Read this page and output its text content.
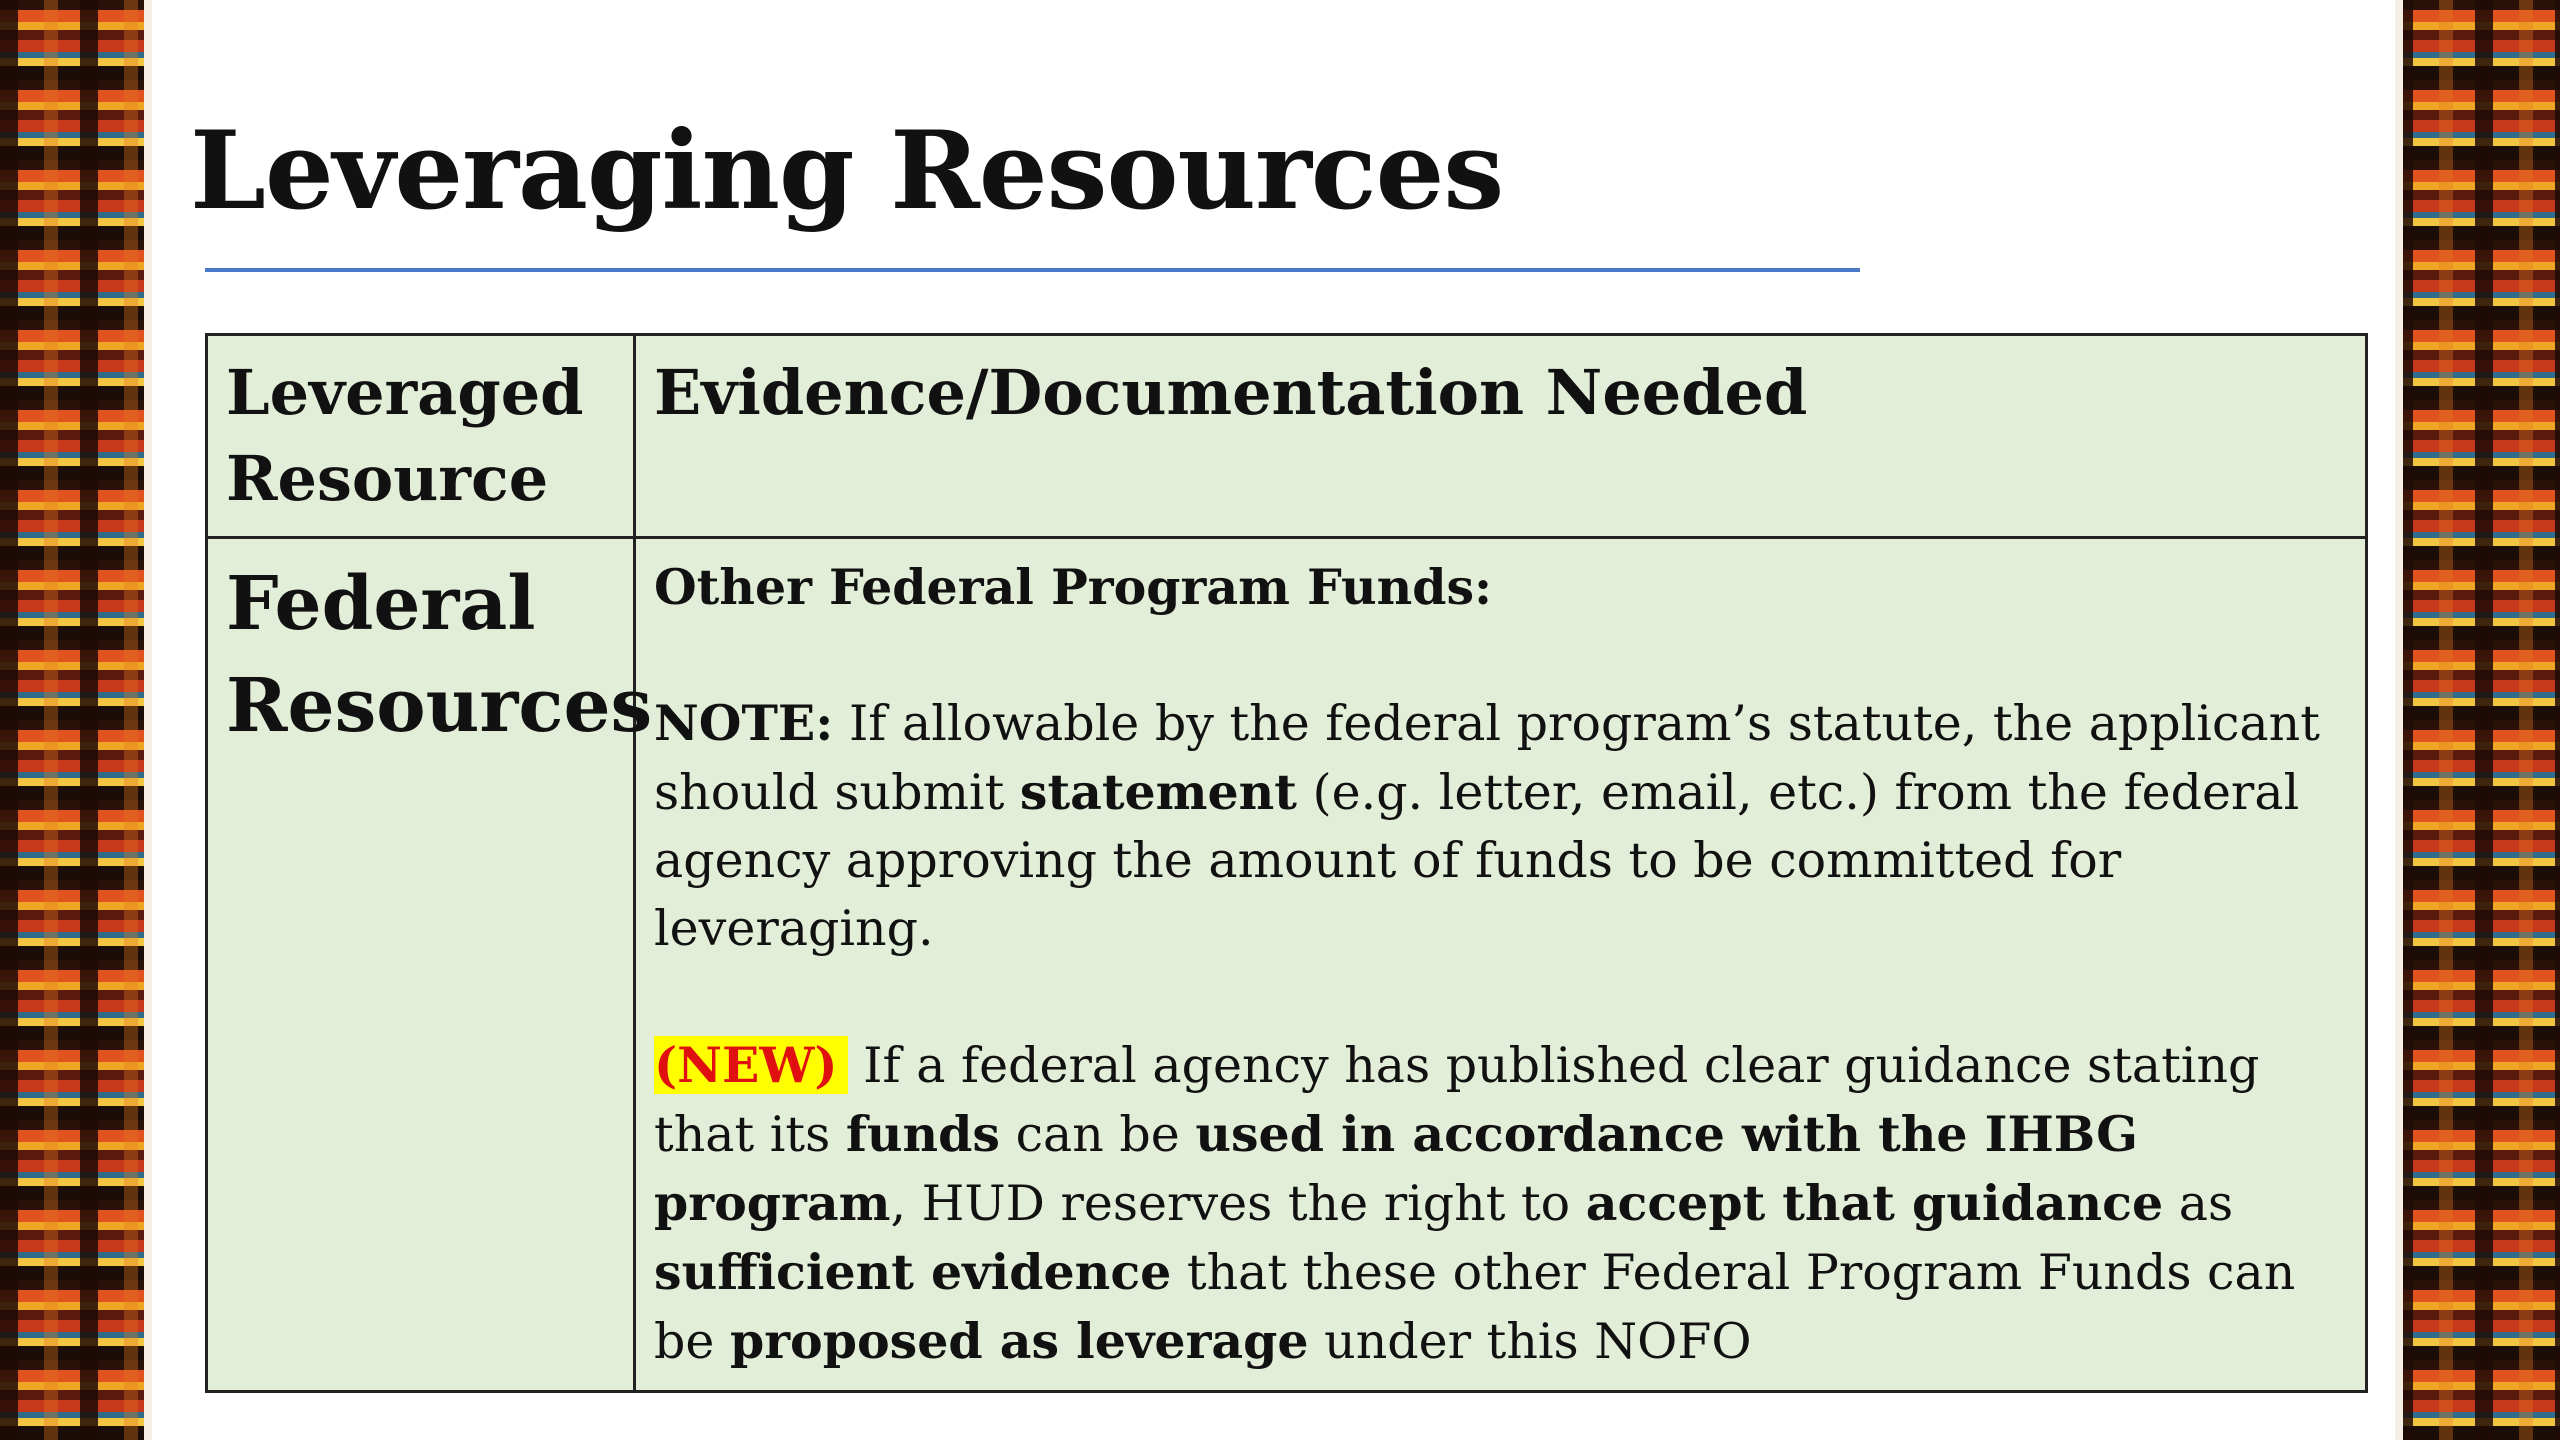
Leveraging Resources
Leveraged Resource	Evidence/Documentation Needed
Federal Resources	Other Federal Program Funds:

NOTE: If allowable by the federal program’s statute, the applicant should submit statement (e.g. letter, email, etc.) from the federal agency approving the amount of funds to be committed for leveraging.

(NEW) If a federal agency has published clear guidance stating that its funds can be used in accordance with the IHBG program, HUD reserves the right to accept that guidance as sufficient evidence that these other Federal Program Funds can be proposed as leverage under this NOFO
